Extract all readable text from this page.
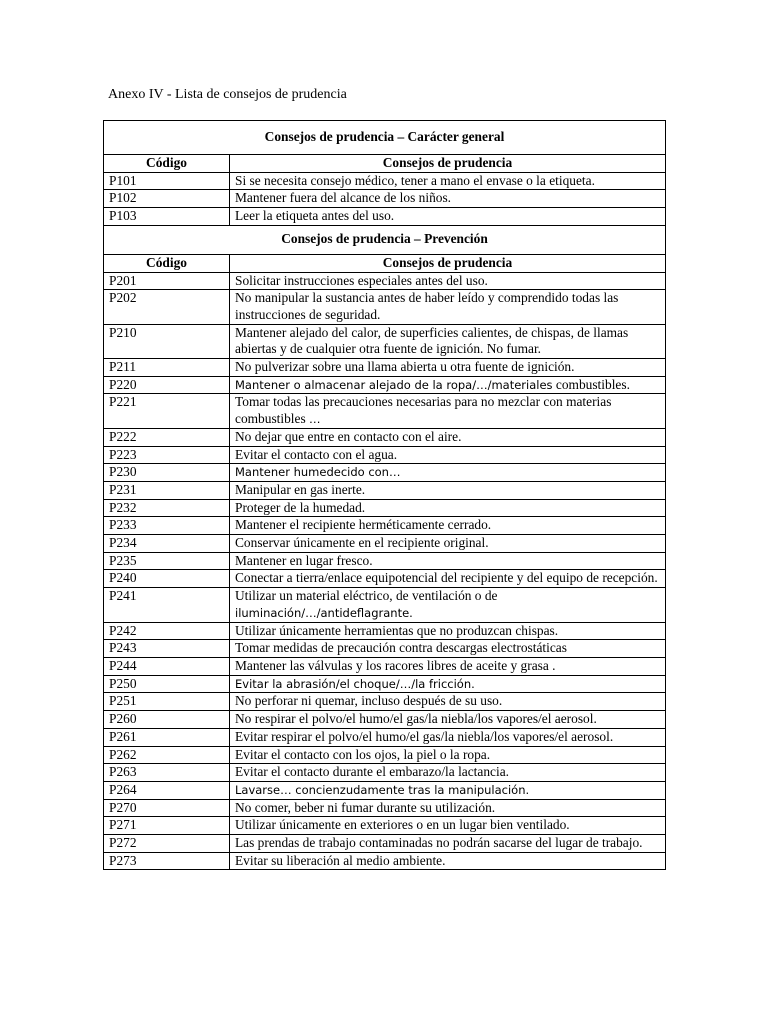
Anexo IV - Lista de consejos de prudencia
Consejos de prudencia – Carácter general	
Código	Consejos de prudencia
P101	Si se necesita consejo médico, tener a mano el envase o la etiqueta.
P102	Mantener fuera del alcance de los niños.
P103	Leer la etiqueta antes del uso.
Consejos de prudencia – Prevención	
Código	Consejos de prudencia
P201	Solicitar instrucciones especiales antes del uso.
P202	No manipular la sustancia antes de haber leído y comprendido todas las instrucciones de seguridad.
P210	Mantener alejado del calor, de superficies calientes, de chispas, de llamas abiertas y de cualquier otra fuente de ignición. No fumar.
P211	No pulverizar sobre una llama abierta u otra fuente de ignición.
P220	Mantener o almacenar alejado de la ropa/…/materiales combustibles.
P221	Tomar todas las precauciones necesarias para no mezclar con materias combustibles …
P222	No dejar que entre en contacto con el aire.
P223	Evitar el contacto con el agua.
P230	Mantener humedecido con…
P231	Manipular en gas inerte.
P232	Proteger de la humedad.
P233	Mantener el recipiente herméticamente cerrado.
P234	Conservar únicamente en el recipiente original.
P235	Mantener en lugar fresco.
P240	Conectar a tierra/enlace equipotencial del recipiente y del equipo de recepción.
P241	Utilizar un material eléctrico, de ventilación o de iluminación/…/antideflagrante.
P242	Utilizar únicamente herramientas que no produzcan chispas.
P243	Tomar medidas de precaución contra descargas electrostáticas
P244	Mantener las válvulas y los racores libres de aceite y grasa .
P250	Evitar la abrasión/el choque/…/la fricción.
P251	No perforar ni quemar, incluso después de su uso.
P260	No respirar el polvo/el humo/el gas/la niebla/los vapores/el aerosol.
P261	Evitar respirar el polvo/el humo/el gas/la niebla/los vapores/el aerosol.
P262	Evitar el contacto con los ojos, la piel o la ropa.
P263	Evitar el contacto durante el embarazo/la lactancia.
P264	Lavarse… concienzudamente tras la manipulación.
P270	No comer, beber ni fumar durante su utilización.
P271	Utilizar únicamente en exteriores o en un lugar bien ventilado.
P272	Las prendas de trabajo contaminadas no podrán sacarse del lugar de trabajo.
P273	Evitar su liberación al medio ambiente.
